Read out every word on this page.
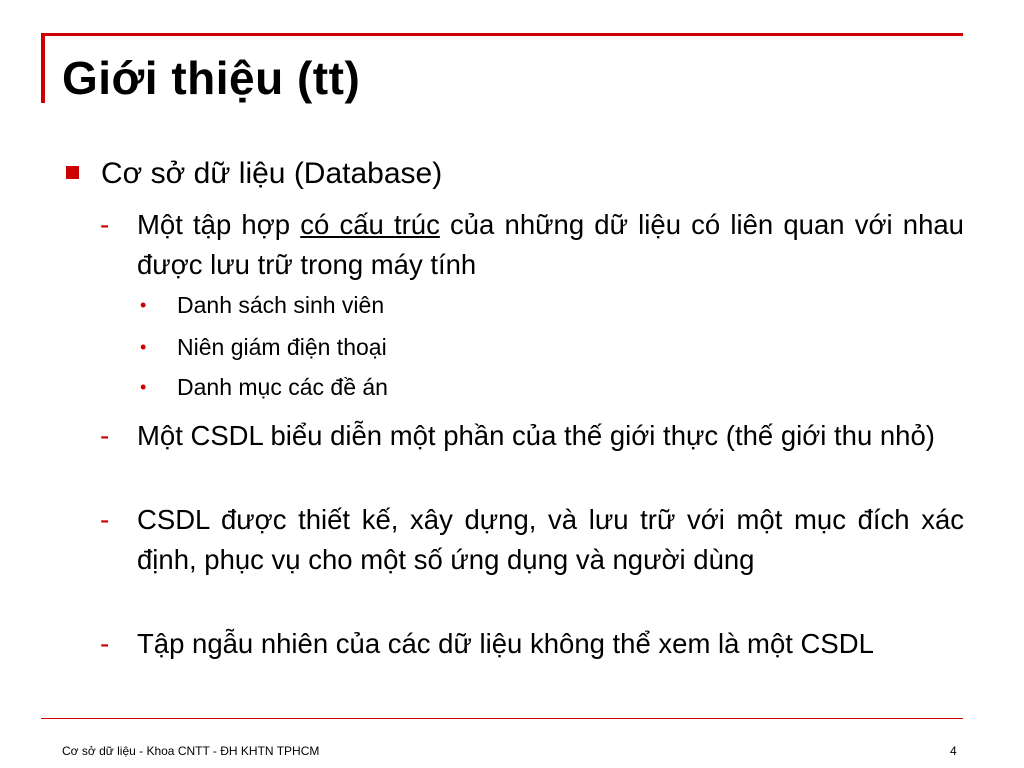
Giới thiệu (tt)
Cơ sở dữ liệu (Database)
- Một tập hợp có cấu trúc của những dữ liệu có liên quan với nhau được lưu trữ trong máy tính
• Danh sách sinh viên
• Niên giám điện thoại
• Danh mục các đề án
- Một CSDL biểu diễn một phần của thế giới thực (thế giới thu nhỏ)
- CSDL được thiết kế, xây dựng, và lưu trữ với một mục đích xác định, phục vụ cho một số ứng dụng và người dùng
- Tập ngẫu nhiên của các dữ liệu không thể xem là một CSDL
Cơ sở dữ liệu - Khoa CNTT - ĐH KHTN TPHCM	4
